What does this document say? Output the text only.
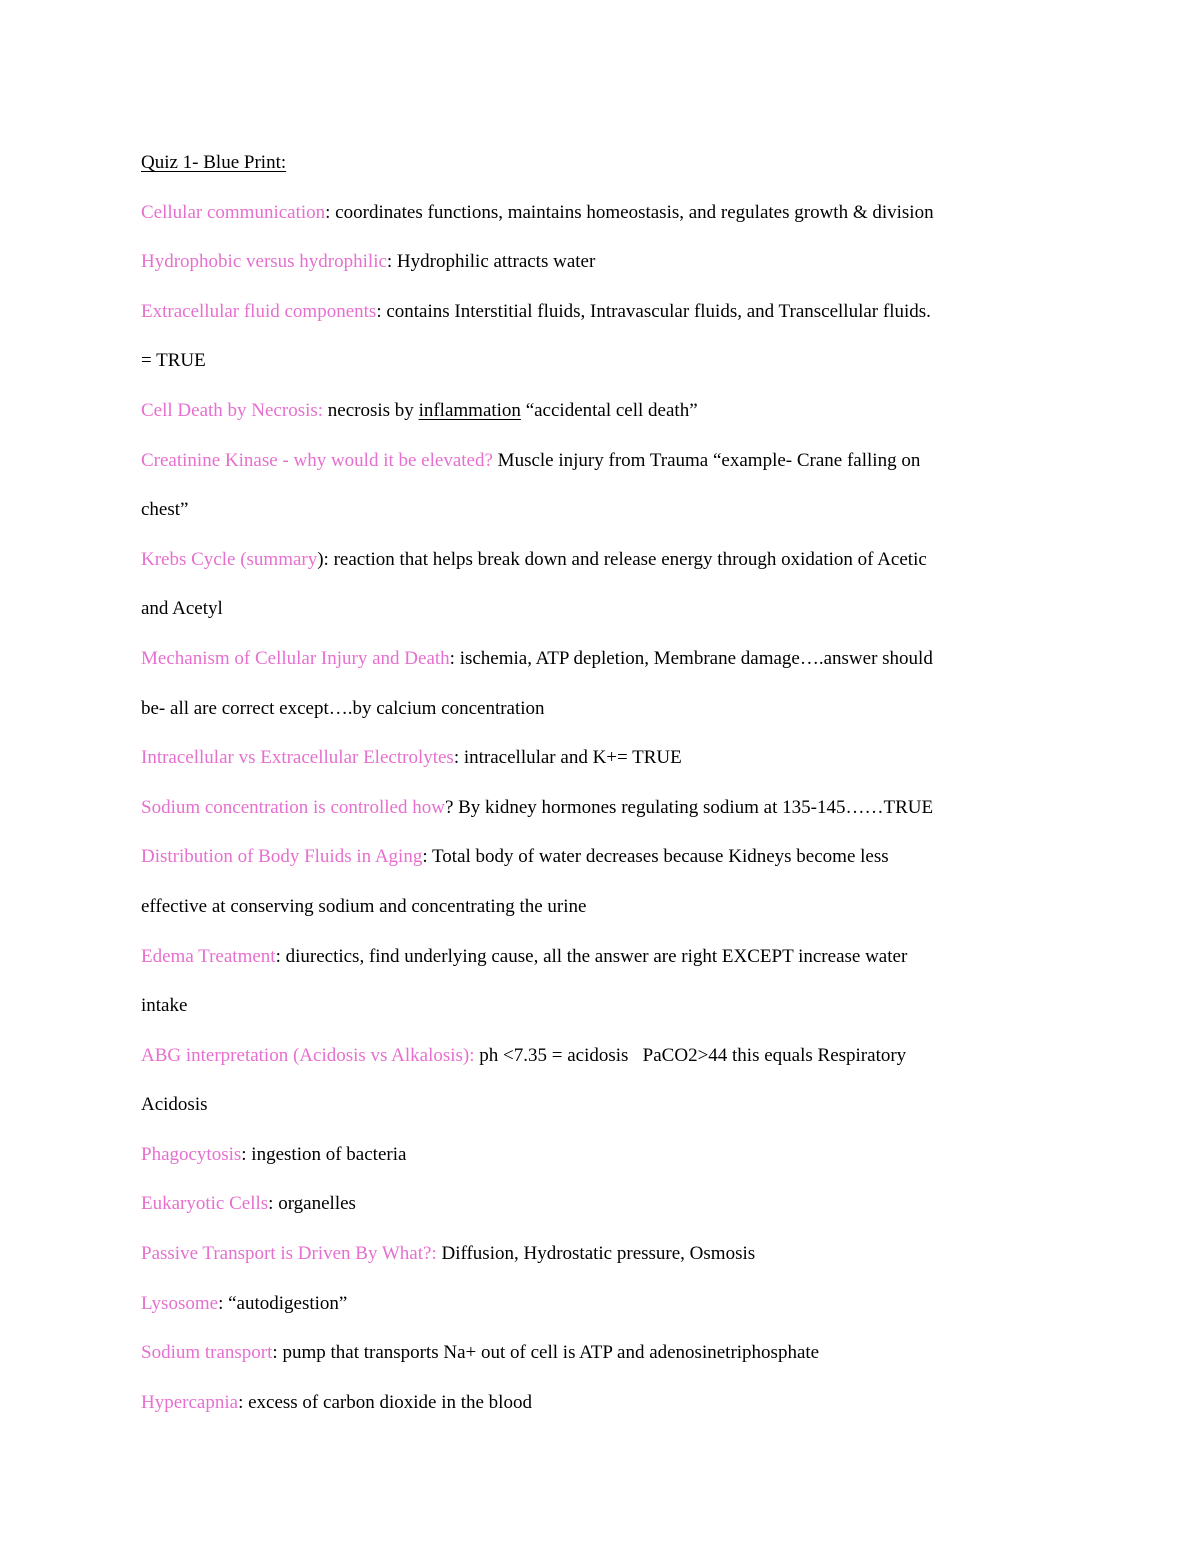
Quiz 1- Blue Print:
Cellular communication: coordinates functions, maintains homeostasis, and regulates growth & division
Hydrophobic versus hydrophilic: Hydrophilic attracts water
Extracellular fluid components: contains Interstitial fluids, Intravascular fluids, and Transcellular fluids.
= TRUE
Cell Death by Necrosis: necrosis by inflammation “accidental cell death”
Creatinine Kinase - why would it be elevated? Muscle injury from Trauma “example- Crane falling on
chest”
Krebs Cycle (summary): reaction that helps break down and release energy through oxidation of Acetic
and Acetyl
Mechanism of Cellular Injury and Death: ischemia, ATP depletion, Membrane damage….answer should
be- all are correct except….by calcium concentration
Intracellular vs Extracellular Electrolytes: intracellular and K+= TRUE
Sodium concentration is controlled how? By kidney hormones regulating sodium at 135-145……TRUE
Distribution of Body Fluids in Aging: Total body of water decreases because Kidneys become less
effective at conserving sodium and concentrating the urine
Edema Treatment: diurectics, find underlying cause, all the answer are right EXCEPT increase water
intake
ABG interpretation (Acidosis vs Alkalosis): ph <7.35 = acidosis   PaCO2>44 this equals Respiratory
Acidosis
Phagocytosis: ingestion of bacteria
Eukaryotic Cells: organelles
Passive Transport is Driven By What?: Diffusion, Hydrostatic pressure, Osmosis
Lysosome: “autodigestion”
Sodium transport: pump that transports Na+ out of cell is ATP and adenosinetriphosphate
Hypercapnia: excess of carbon dioxide in the blood
